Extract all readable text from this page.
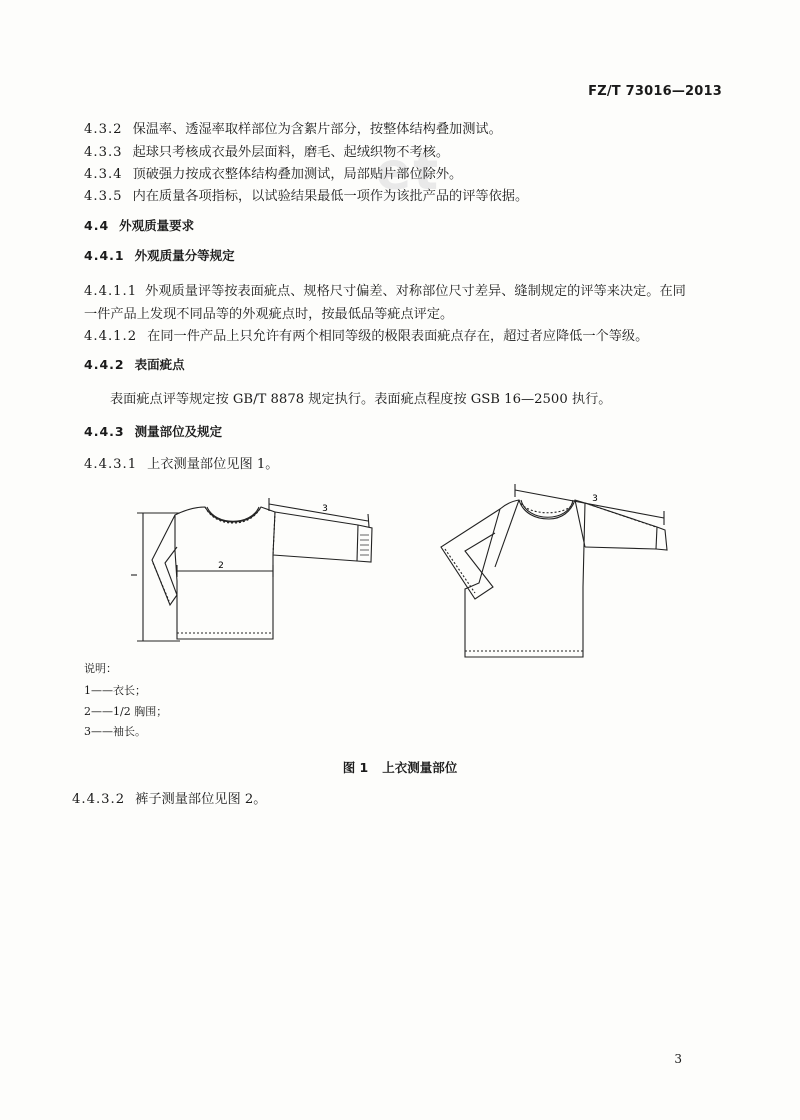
FZ/T 73016—2013
et
4.3.2 保温率、透湿率取样部位为含絮片部分，按整体结构叠加测试。
4.3.3 起球只考核成衣最外层面料，磨毛、起绒织物不考核。
4.3.4 顶破强力按成衣整体结构叠加测试，局部贴片部位除外。
4.3.5 内在质量各项指标，以试验结果最低一项作为该批产品的评等依据。
4.4 外观质量要求
4.4.1 外观质量分等规定
4.4.1.1 外观质量评等按表面疵点、规格尺寸偏差、对称部位尺寸差异、缝制规定的评等来决定。在同
一件产品上发现不同品等的外观疵点时，按最低品等疵点评定。
4.4.1.2 在同一件产品上只允许有两个相同等级的极限表面疵点存在，超过者应降低一个等级。
4.4.2 表面疵点
表面疵点评等规定按 GB/T 8878 规定执行。表面疵点程度按 GSB 16—2500 执行。
4.4.3 测量部位及规定
4.4.3.1 上衣测量部位见图 1。
2
3
3
说明：
1——衣长；
2——1/2 胸围；
3——袖长。
图 1 上衣测量部位
4.4.3.2 裤子测量部位见图 2。
3
